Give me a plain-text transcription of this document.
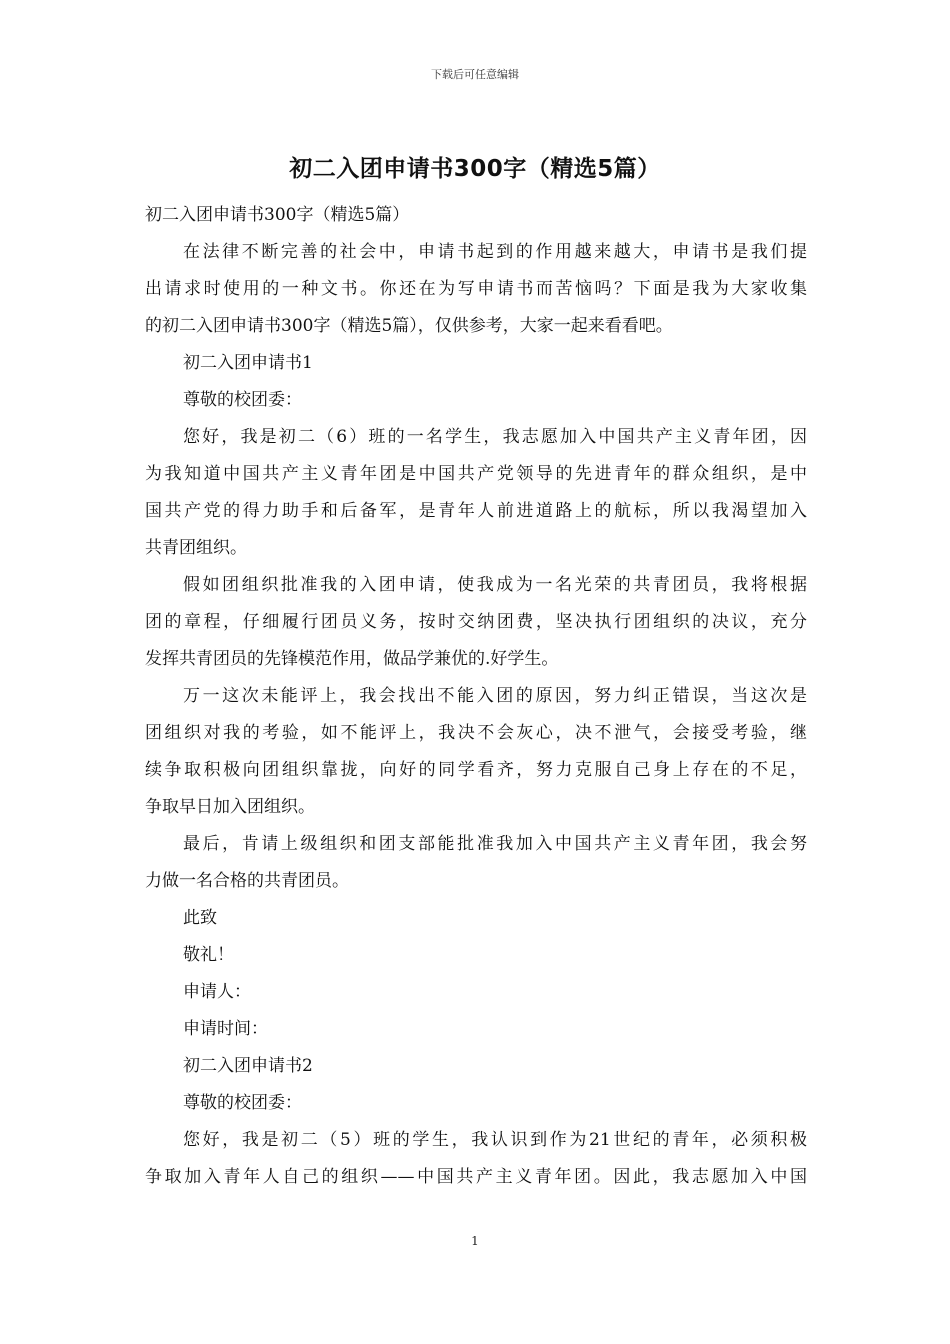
下载后可任意编辑
初二入团申请书300字（精选5篇）
初二入团申请书300字（精选5篇）
在法律不断完善的社会中，申请书起到的作用越来越大，申请书是我们提
出请求时使用的一种文书。你还在为写申请书而苦恼吗？下面是我为大家收集
的初二入团申请书300字（精选5篇），仅供参考，大家一起来看看吧。
初二入团申请书1
尊敬的校团委：
您好，我是初二（6）班的一名学生，我志愿加入中国共产主义青年团，因
为我知道中国共产主义青年团是中国共产党领导的先进青年的群众组织，是中
国共产党的得力助手和后备军，是青年人前进道路上的航标，所以我渴望加入
共青团组织。
假如团组织批准我的入团申请，使我成为一名光荣的共青团员，我将根据
团的章程，仔细履行团员义务，按时交纳团费，坚决执行团组织的决议，充分
发挥共青团员的先锋模范作用，做品学兼优的.好学生。
万一这次未能评上，我会找出不能入团的原因，努力纠正错误，当这次是
团组织对我的考验，如不能评上，我决不会灰心，决不泄气，会接受考验，继
续争取积极向团组织靠拢，向好的同学看齐，努力克服自己身上存在的不足，
争取早日加入团组织。
最后，肯请上级组织和团支部能批准我加入中国共产主义青年团，我会努
力做一名合格的共青团员。
此致
敬礼！
申请人：
申请时间：
初二入团申请书2
尊敬的校团委：
您好，我是初二（5）班的学生，我认识到作为21世纪的青年，必须积极
争取加入青年人自己的组织——中国共产主义青年团。因此，我志愿加入中国
1
